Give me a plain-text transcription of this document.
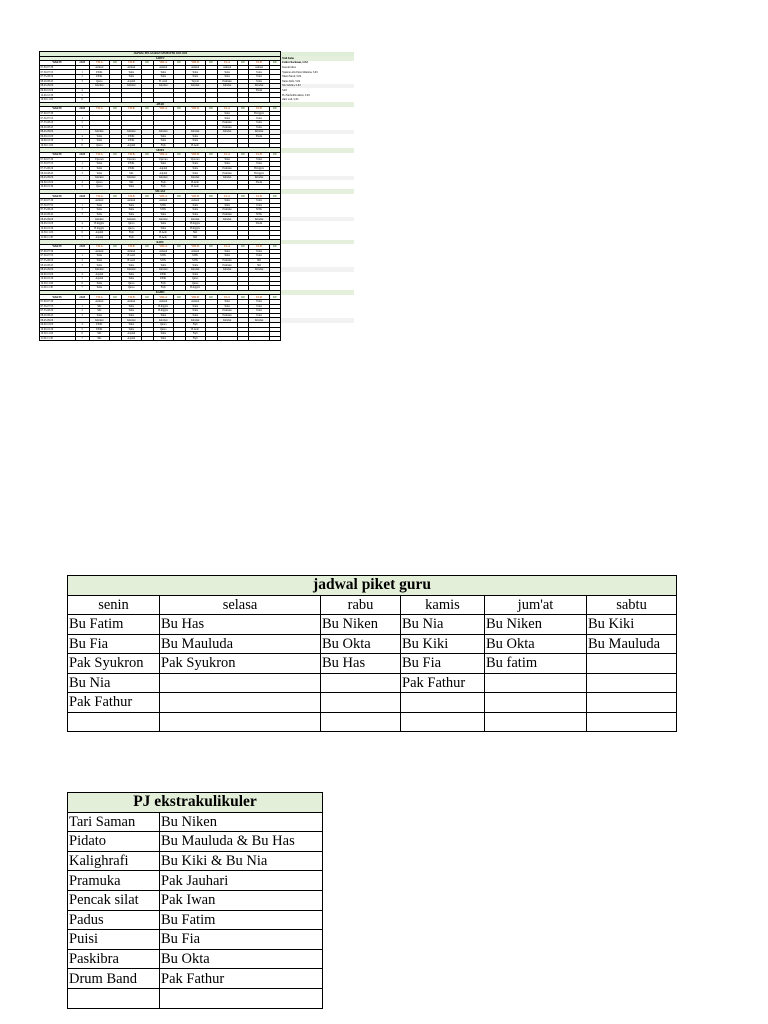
JADWAL PELAJARAN SEMESTER 2023-2024														
SABTU														Wali Kelas
WAKTU	JAM	VII-A	KE	VII-B	KE	VIII-A	KE	VIII-B	KE	IX-A	KE	IX-B	KE	Fathur Rochman, S.Pd
07.00-07.30		Asmaul		Asmaul		Asmaul		Asmaul		Asmaul		Asmaul		Kokom Idrus
07.30-07.55	1	PJOK		Tema		Tema		Tema		Tema		Tema		Syukron Alis Putra Maulana, S.Pd
07.55-08.20	2	PJOK		Tema		Tema		Tema		Tema		Tema		Niken Nurul, S.Pd
08.20-08.45	3	Quraa		Aqidah		B. Arab		Tajwid		Pramuka		Tema		Nunu Zulfa, S.Pd
08.45-09.00		Istirahat		Istirahat		Istirahat		Istirahat		Istirahat		Istirahat		Nia Sabrina, S.Pd
09.00-10.00	4											Shalat		S.Pd
10.00-10.30	5													Fia Nurfadilla Akbar, S.Pd
10.30-11.00	6													Okta wali, S.Pd
AHAD														
WAKTU	JAM	VII-A	KE	VII-B	KE	VIII-A	KE	VIII-B	KE	IX-A	KE	IX-B	KE	
07.00-07.30										Tema		B.Inggris		
07.30-07.55	1									Tema		Tema		
07.55-08.20	2									Pramuka		Tema		
08.20-08.45	3									Pramuka		Tema		
08.45-09.00		Istirahat		Istirahat		Istirahat		Istirahat		Istirahat		Istirahat		
09.00-10.00	4	Tema		PJOK		Tema		Tema				Shalat		
10.00-10.30	5	Tema		PJOK		Tema		Tema						
10.30-11.00	6	Quraa		Aqidah		Fiqh		B.Arab						
SENIN														
WAKTU	JAM	VII-A	KE	VII-B	KE	VIII-A	KE	VIII-B	KE	IX-A	KE	IX-B	KE	
07.00-07.30		Upacara		Upacara		Upacara		Upacara		Tema		Tema		
07.30-07.55	1	Tema		PJOK		Tema		Tema		Tema		Tema		
07.55-08.20	2	Tema		PJOK		Aqidah		Tema		Pramuka		B.Inggris		
08.20-08.45	3	Tema		SKI		Aqidah		Tema		Pramuka		B.Inggris		
08.45-09.00		Istirahat		Istirahat		Istirahat		Istirahat		Istirahat		Istirahat		
09.00-10.00	4	Quraa		SKI		Fiqh		B.Arab				Shalat		
10.00-10.30	5	Quraa		Tema		Fiqh		B.Arab						
SELASA														
WAKTU	JAM	VII-A	KE	VII-B	KE	VIII-A	KE	VIII-B	KE	IX-A	KE	IX-B	KE	
07.00-07.30		Asmaul		Asmaul		Asmaul		Asmaul		Tema		Tema		
07.30-07.55	1	Tema		Tema		MTK		Tema		Tema		Tema		
07.55-08.20	2	Tema		Tema		MTK		Tema		Pramuka		MTK		
08.20-08.45	3	Tema		Tema		Tema		Tema		Pramuka		MTK		
08.45-09.00		Istirahat		Istirahat		Istirahat		Istirahat		Istirahat		Istirahat		
09.00-10.00	4	B.Inggris		Quraa		Tema		B.Inggris				Shalat		
10.00-10.30	5	B.Inggris		Quraa		Tema		B.Inggris						
10.30-11.00	6	Aqidah		Fiqh		B.Arab		SKI						
11.00-11.30	7	Aqidah		Fiqh		B.Arab		SKI						
RABU														
WAKTU	JAM	VII-A	KE	VII-B	KE	VIII-A	KE	VIII-B	KE	IX-A	KE	IX-B	KE	
07.00-07.30		Asmaul		Asmaul		Asmaul		Asmaul		Tema		Tema		
07.30-07.55	1	Tema		B.Arab		MTK		MTK		Tema		Tema		
07.55-08.20	2	Tema		B.Arab		MTK		MTK		Pramuka		SKI		
08.20-08.45	3	Tema		Tema		Tema		Tema		Pramuka		SKI		
08.45-09.00		Istirahat		Istirahat		Istirahat		Istirahat		Istirahat		Istirahat		
09.00-10.00	4	Aqidah		Tema		PJOK		Tema						
10.00-10.30	5	Aqidah		Tema		PJOK		Quraa						
10.30-11.00	6	Tema		Quraa		Fiqh		Quraa						
11.00-11.30	7	Tema		Quraa		Fiqh		B.Inggris						
KAMIS														
WAKTU	JAM	VII-A	KE	VII-B	KE	VIII-A	KE	VIII-B	KE	IX-A	KE	IX-B	KE	
07.00-07.30		Asmaul		Asmaul		Asmaul		Asmaul		Tema		Tema		
07.30-07.55	1	SKI		Tema		B.Inggris		Tema		Tema		Tema		
07.55-08.20	2	SKI		Tema		B.Inggris		Tema		Pramuka		Tema		
08.20-08.45	3	Tema		Tema		Tema		Tema		Pramuka		Tema		
08.45-09.00		Istirahat		Istirahat		Istirahat		Istirahat		Istirahat		Istirahat		
09.00-10.00	4	PJOK		Tema		Quraa		Fiqh						
10.00-10.30	5	PJOK		Tema		Quraa		B.Arab						
10.30-11.00	6	SKI		Aqidah		Tema		Fiqh						
11.00-11.30	7	SKI		Aqidah		Tema		Fiqh						
jadwal piket guru					
senin	selasa	rabu	kamis	jum'at	sabtu
Bu Fatim	Bu Has	Bu Niken	Bu Nia	Bu Niken	Bu Kiki
Bu Fia	Bu Mauluda	Bu Okta	Bu Kiki	Bu Okta	Bu Mauluda
Pak Syukron	Pak Syukron	Bu Has	Bu Fia	Bu fatim	
Bu Nia			Pak Fathur		
Pak Fathur					

PJ ekstrakulikuler	
Tari Saman	Bu Niken
Pidato	Bu Mauluda & Bu Has
Kalighrafi	Bu Kiki & Bu Nia
Pramuka	Pak Jauhari
Pencak silat	Pak Iwan
Padus	Bu Fatim
Puisi	Bu Fia
Paskibra	Bu Okta
Drum Band	Pak Fathur
